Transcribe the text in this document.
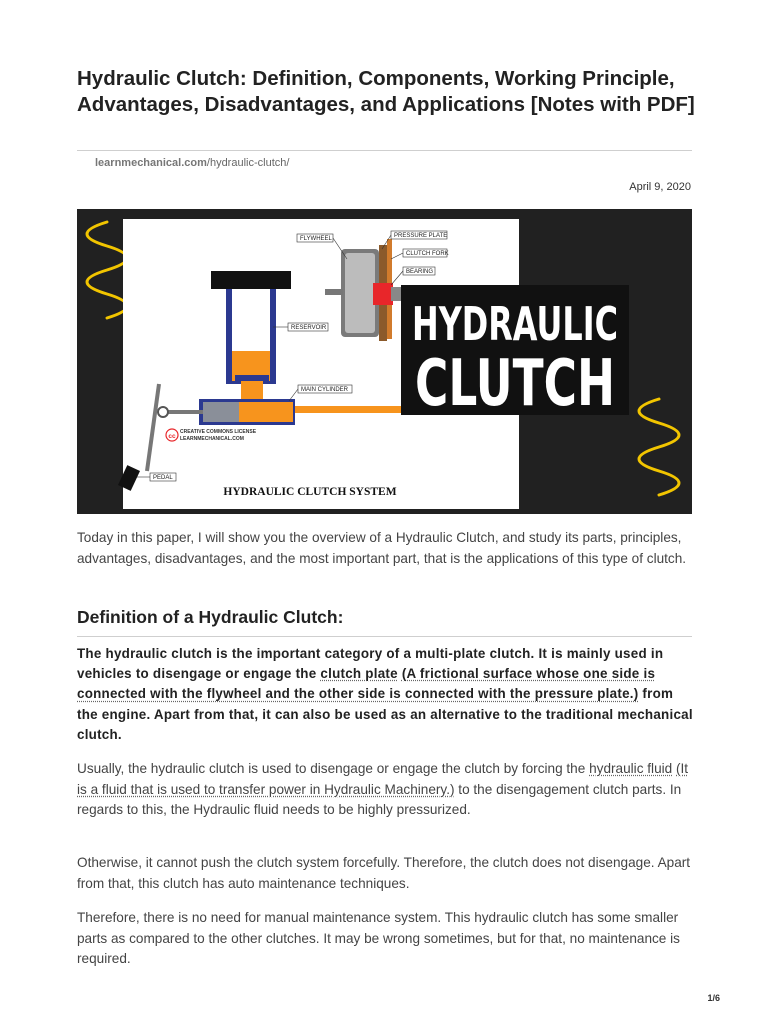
Hydraulic Clutch: Definition, Components, Working Principle, Advantages, Disadvantages, and Applications [Notes with PDF]
learnmechanical.com/hydraulic-clutch/
April 9, 2020
FLYWHEEL	PRESSURE PLATE
CLUTCH FORK
BEARING
RESERVOIR
MAIN CYLINDER
PEDAL
cc
CREATIVE COMMONS LICENSE
LEARNMECHANICAL.COM
HYDRAULIC CLUTCH SYSTEM
HYDRAULIC
CLUTCH

Today in this paper, I will show you the overview of a Hydraulic Clutch, and study its parts, principles, advantages, disadvantages, and the most important part, that is the applications of this type of clutch.

Definition of a Hydraulic Clutch:

The hydraulic clutch is the important category of a multi-plate clutch. It is mainly used in vehicles to disengage or engage the clutch plate (A frictional surface whose one side is connected with the flywheel and the other side is connected with the pressure plate.) from the engine. Apart from that, it can also be used as an alternative to the traditional mechanical clutch.

Usually, the hydraulic clutch is used to disengage or engage the clutch by forcing the hydraulic fluid (It is a fluid that is used to transfer power in Hydraulic Machinery.) to the disengagement clutch parts. In regards to this, the Hydraulic fluid needs to be highly pressurized.

Otherwise, it cannot push the clutch system forcefully. Therefore, the clutch does not disengage. Apart from that, this clutch has auto maintenance techniques.

Therefore, there is no need for manual maintenance system. This hydraulic clutch has some smaller parts as compared to the other clutches. It may be wrong sometimes, but for that, no maintenance is required.

1/6
